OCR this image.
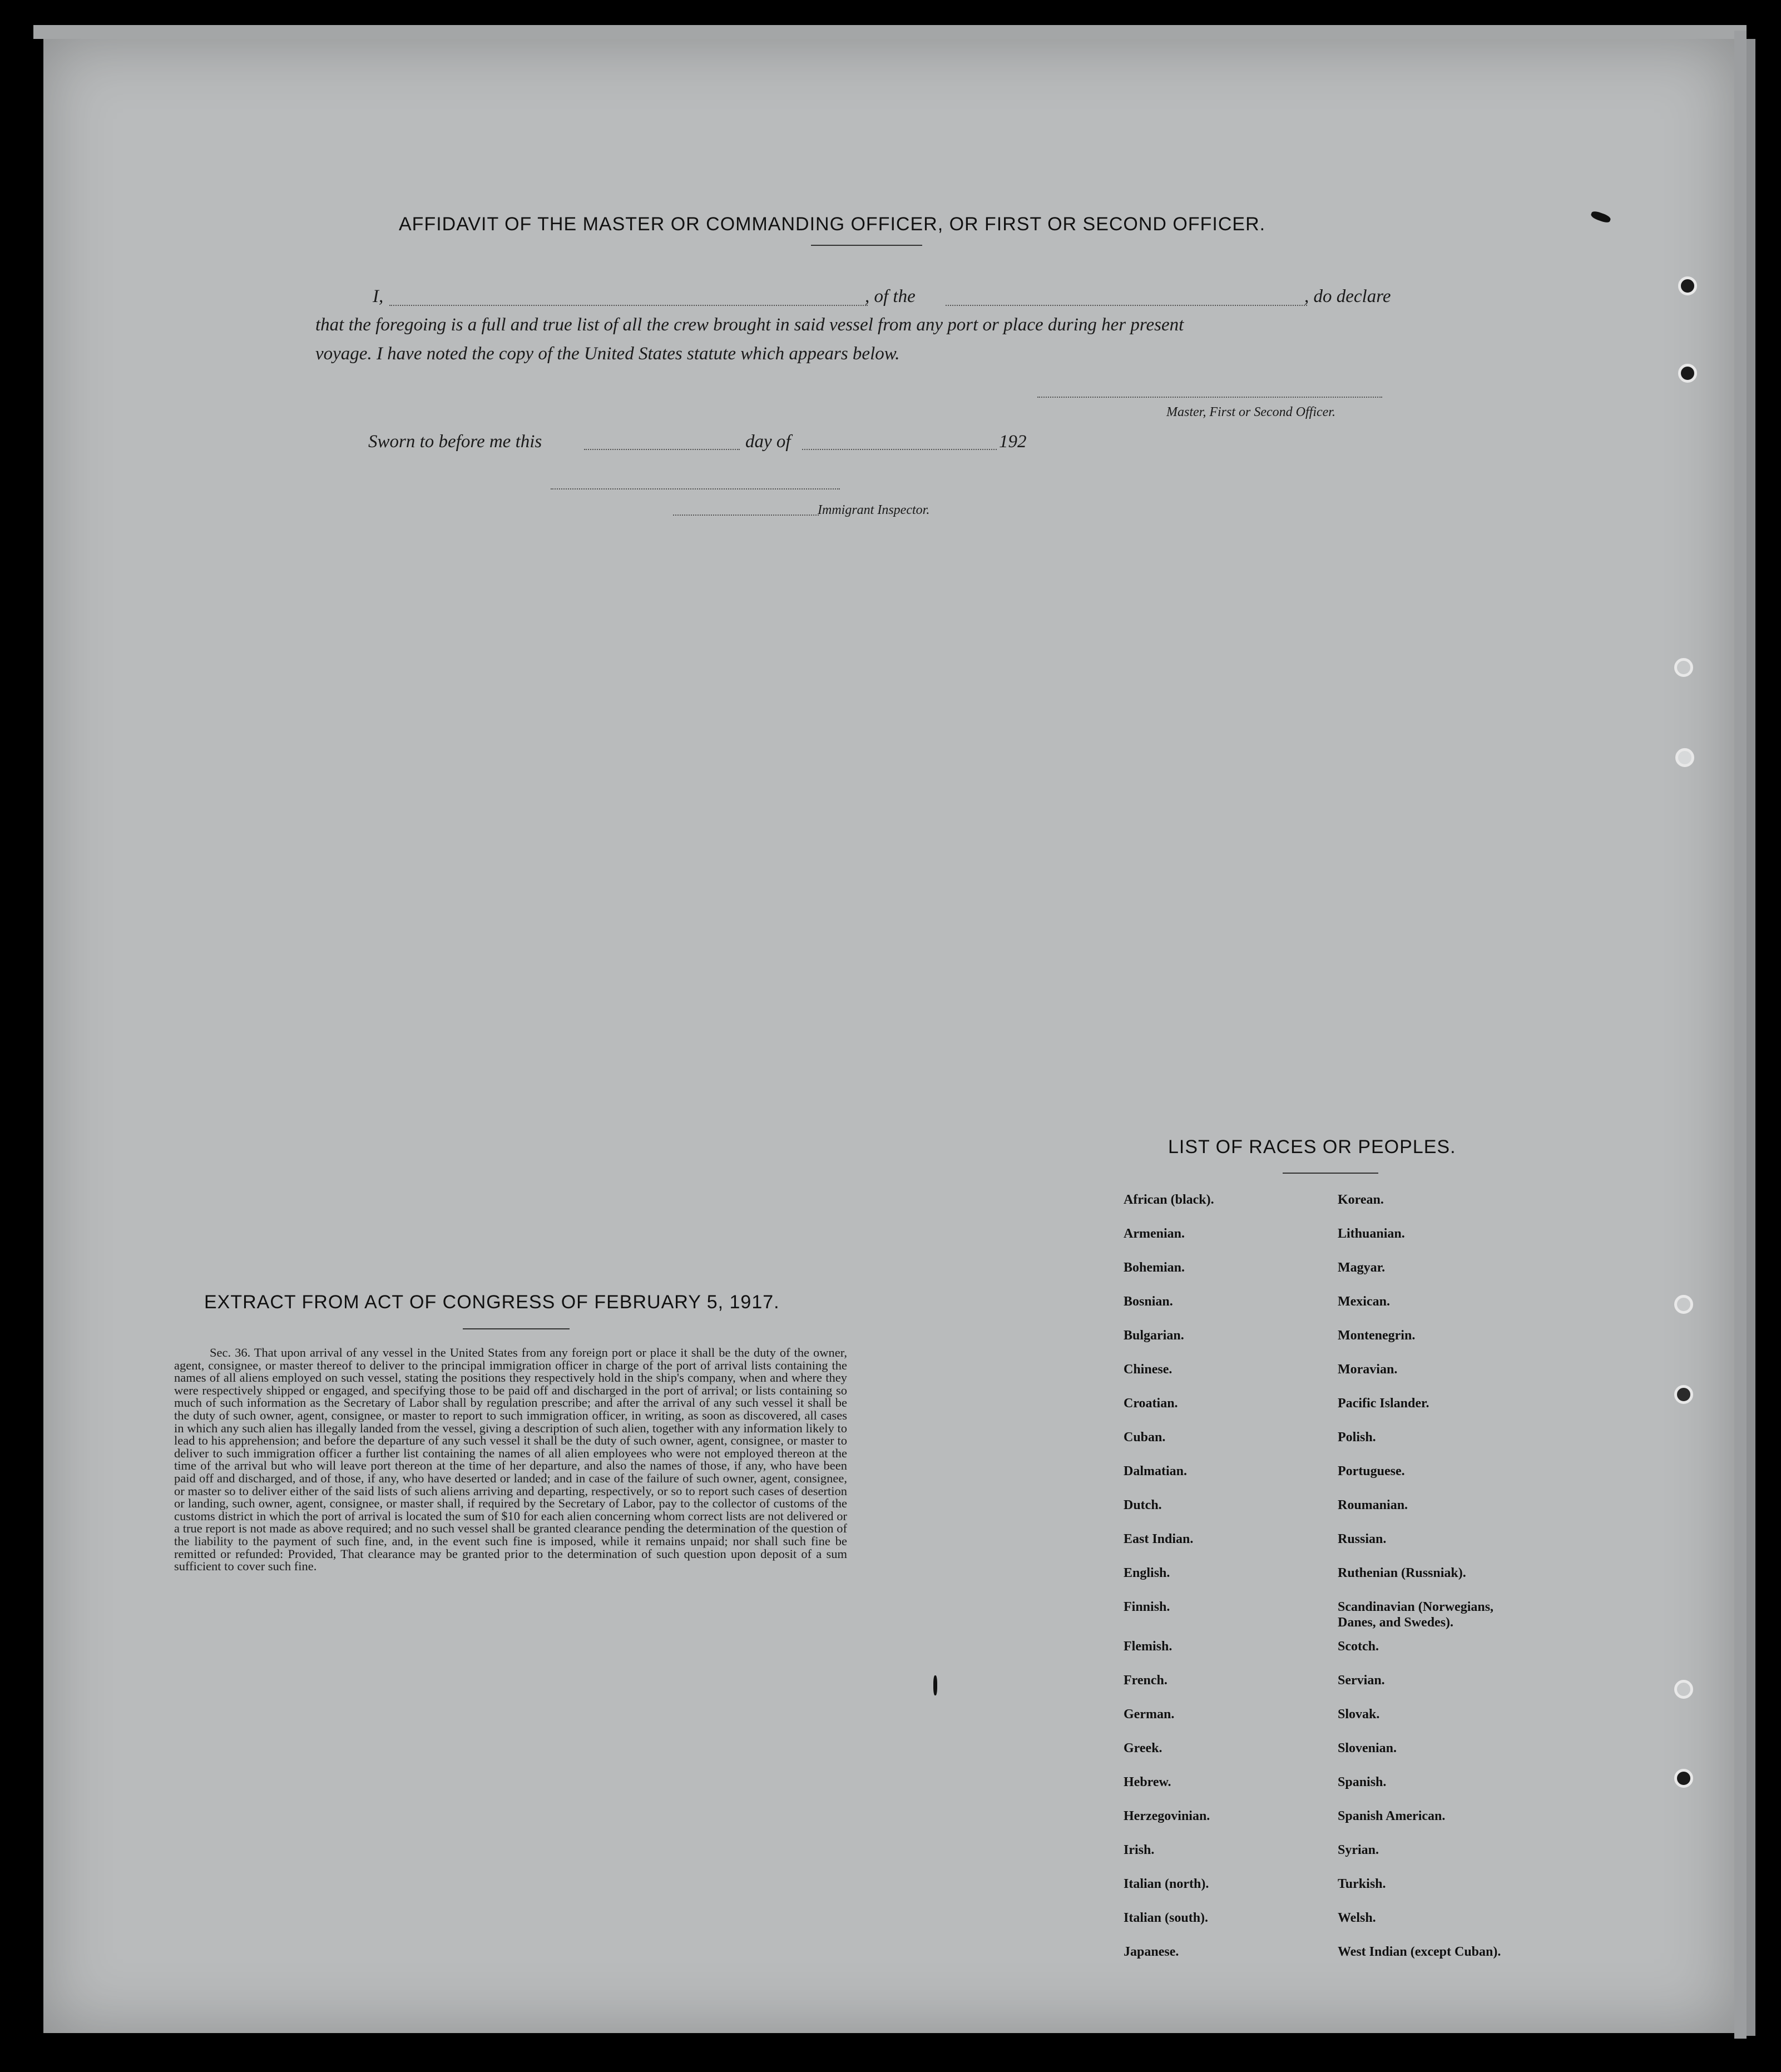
AFFIDAVIT OF THE MASTER OR COMMANDING OFFICER, OR FIRST OR SECOND OFFICER.
I,	, of the	, do declare
that the foregoing is a full and true list of all the crew brought in said vessel from any port or place during her present
voyage. I have noted the copy of the United States statute which appears below.
Master, First or Second Officer.
Sworn to before me this	day of	192
Immigrant Inspector.
EXTRACT FROM ACT OF CONGRESS OF FEBRUARY 5, 1917.
Sec. 36. That upon arrival of any vessel in the United States from any foreign port or place it shall be the duty of the owner, agent, consignee, or master thereof to deliver to the principal immigration officer in charge of the port of arrival lists containing the names of all aliens employed on such vessel, stating the positions they respectively hold in the ship's company, when and where they were respectively shipped or engaged, and specifying those to be paid off and discharged in the port of arrival; or lists containing so much of such information as the Secretary of Labor shall by regulation prescribe; and after the arrival of any such vessel it shall be the duty of such owner, agent, consignee, or master to report to such immigration officer, in writing, as soon as discovered, all cases in which any such alien has illegally landed from the vessel, giving a description of such alien, together with any information likely to lead to his apprehension; and before the departure of any such vessel it shall be the duty of such owner, agent, consignee, or master to deliver to such immigration officer a further list containing the names of all alien employees who were not employed thereon at the time of the arrival but who will leave port thereon at the time of her departure, and also the names of those, if any, who have been paid off and discharged, and of those, if any, who have deserted or landed; and in case of the failure of such owner, agent, consignee, or master so to deliver either of the said lists of such aliens arriving and departing, respectively, or so to report such cases of desertion or landing, such owner, agent, consignee, or master shall, if required by the Secretary of Labor, pay to the collector of customs of the customs district in which the port of arrival is located the sum of $10 for each alien concerning whom correct lists are not delivered or a true report is not made as above required; and no such vessel shall be granted clearance pending the determination of the question of the liability to the payment of such fine, and, in the event such fine is imposed, while it remains unpaid; nor shall such fine be remitted or refunded: Provided, That clearance may be granted prior to the determination of such question upon deposit of a sum sufficient to cover such fine.
LIST OF RACES OR PEOPLES.
African (black).	Korean.
Armenian.	Lithuanian.
Bohemian.	Magyar.
Bosnian.	Mexican.
Bulgarian.	Montenegrin.
Chinese.	Moravian.
Croatian.	Pacific Islander.
Cuban.	Polish.
Dalmatian.	Portuguese.
Dutch.	Roumanian.
East Indian.	Russian.
English.	Ruthenian (Russniak).
Finnish.	Scandinavian (Norwegians, Danes, and Swedes).
Flemish.	Scotch.
French.	Servian.
German.	Slovak.
Greek.	Slovenian.
Hebrew.	Spanish.
Herzegovinian.	Spanish American.
Irish.	Syrian.
Italian (north).	Turkish.
Italian (south).	Welsh.
Japanese.	West Indian (except Cuban).
